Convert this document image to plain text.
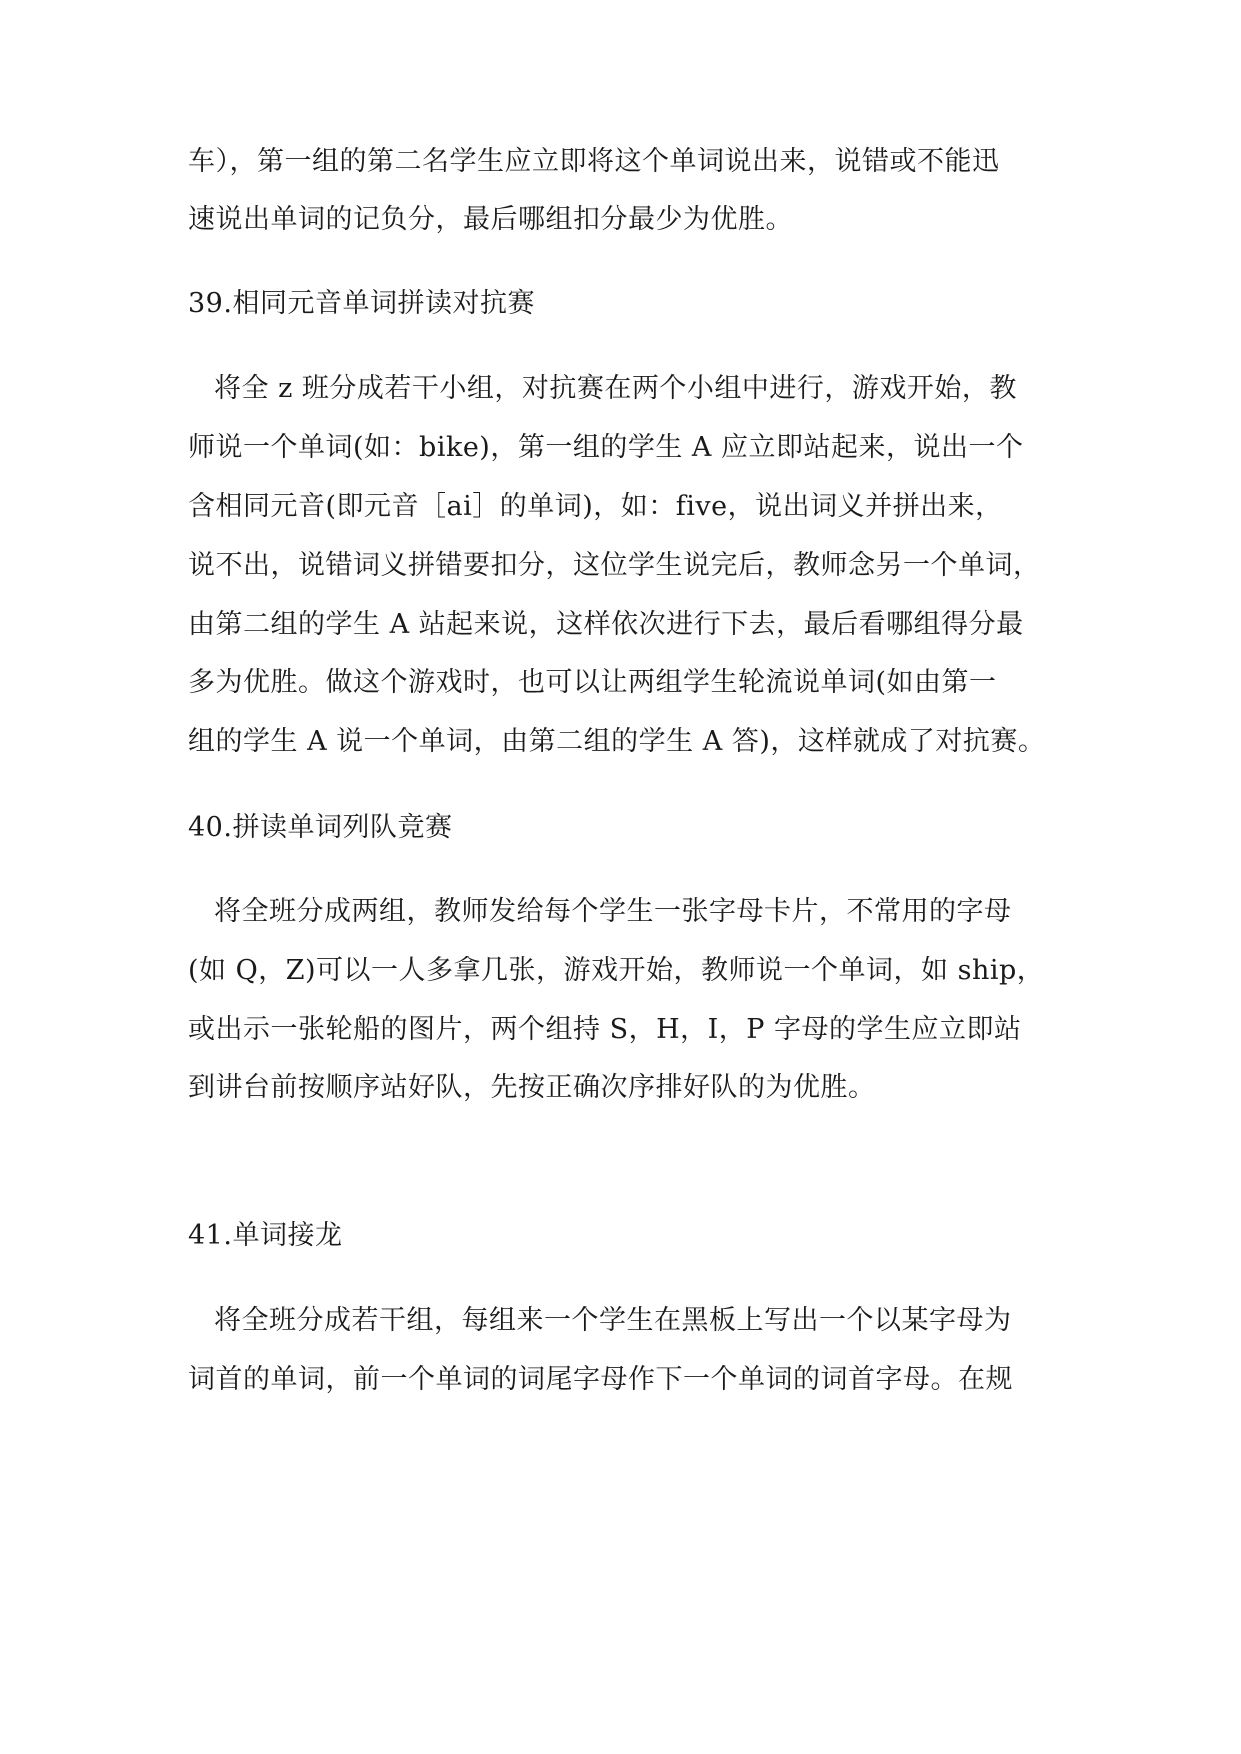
车），第一组的第二名学生应立即将这个单词说出来，说错或不能迅
速说出单词的记负分，最后哪组扣分最少为优胜。
39.相同元音单词拼读对抗赛
将全 z 班分成若干小组，对抗赛在两个小组中进行，游戏开始，教
师说一个单词(如：bike)，第一组的学生 A 应立即站起来，说出一个
含相同元音(即元音［ai］的单词)，如：five，说出词义并拼出来，
说不出，说错词义拼错要扣分，这位学生说完后，教师念另一个单词，
由第二组的学生 A 站起来说，这样依次进行下去，最后看哪组得分最
多为优胜。做这个游戏时，也可以让两组学生轮流说单词(如由第一
组的学生 A 说一个单词，由第二组的学生 A 答)，这样就成了对抗赛。
40.拼读单词列队竞赛
将全班分成两组，教师发给每个学生一张字母卡片，不常用的字母
(如 Q，Z)可以一人多拿几张，游戏开始，教师说一个单词，如 ship，
或出示一张轮船的图片，两个组持 S，H，I，P 字母的学生应立即站
到讲台前按顺序站好队，先按正确次序排好队的为优胜。
41.单词接龙
将全班分成若干组，每组来一个学生在黑板上写出一个以某字母为
词首的单词，前一个单词的词尾字母作下一个单词的词首字母。在规
